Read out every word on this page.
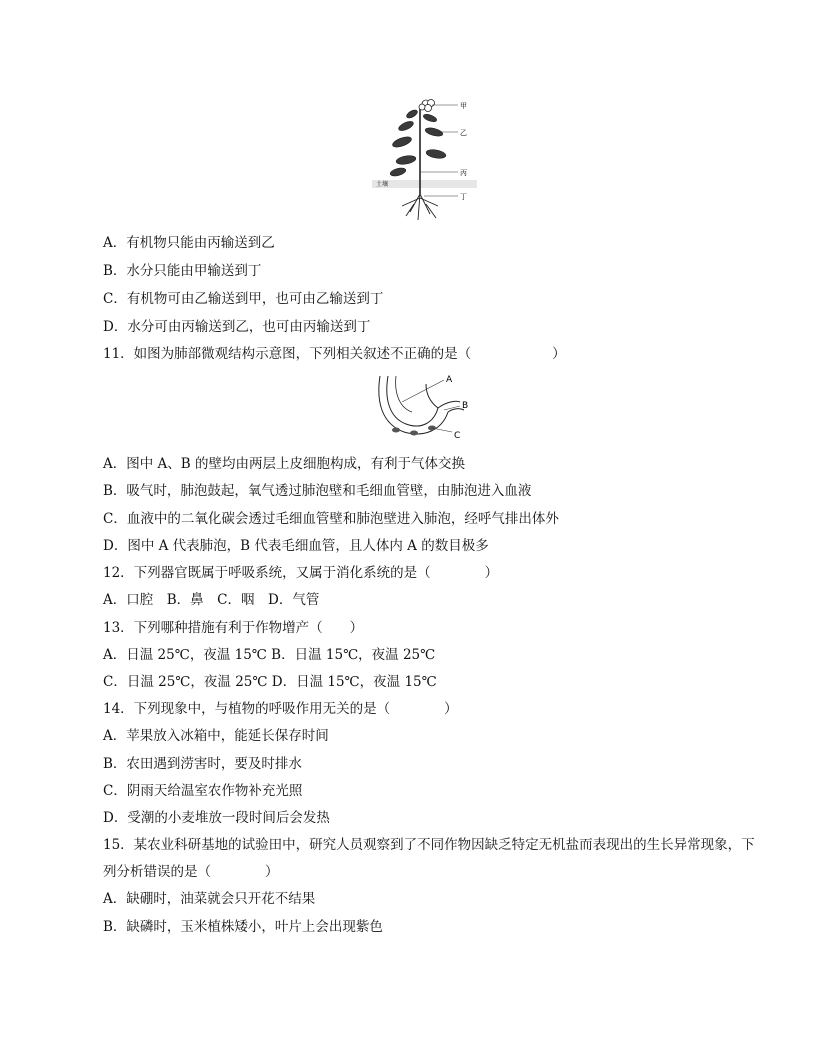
土壤
甲
乙
丙
丁
A．有机物只能由丙输送到乙
B．水分只能由甲输送到丁
C．有机物可由乙输送到甲，也可由乙输送到丁
D．水分可由丙输送到乙，也可由丙输送到丁
11．如图为肺部微观结构示意图，下列相关叙述不正确的是（　　　　　　）
A
B
C
A．图中 A、B 的壁均由两层上皮细胞构成，有利于气体交换
B．吸气时，肺泡鼓起，氧气透过肺泡壁和毛细血管壁，由肺泡进入血液
C．血液中的二氧化碳会透过毛细血管壁和肺泡壁进入肺泡，经呼气排出体外
D．图中 A 代表肺泡，B 代表毛细血管，且人体内 A 的数目极多
12．下列器官既属于呼吸系统，又属于消化系统的是（　　　　）
A．口腔　B．鼻　C．咽　D．气管
13．下列哪种措施有利于作物增产（　　）
A．日温 25℃，夜温 15℃ B．日温 15℃，夜温 25℃
C．日温 25℃，夜温 25℃ D．日温 15℃，夜温 15℃
14．下列现象中，与植物的呼吸作用无关的是（　　　　）
A．苹果放入冰箱中，能延长保存时间
B．农田遇到涝害时，要及时排水
C．阴雨天给温室农作物补充光照
D．受潮的小麦堆放一段时间后会发热
15．某农业科研基地的试验田中，研究人员观察到了不同作物因缺乏特定无机盐而表现出的生长异常现象，下
列分析错误的是（　　　　）
A．缺硼时，油菜就会只开花不结果
B．缺磷时，玉米植株矮小，叶片上会出现紫色
